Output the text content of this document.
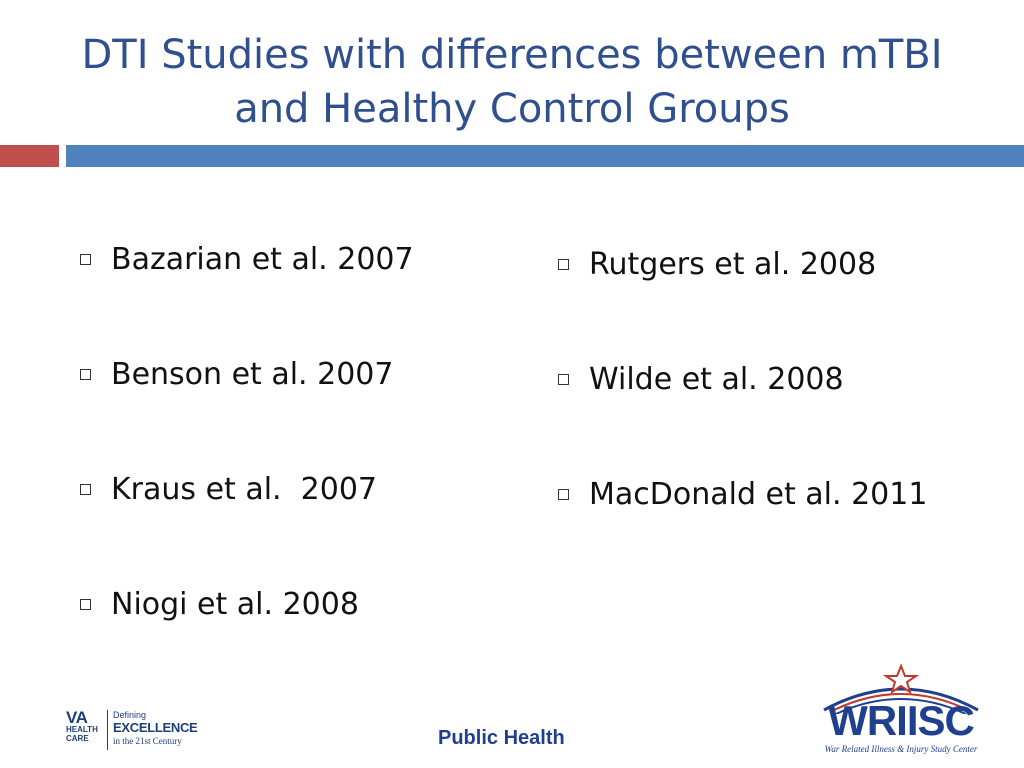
DTI Studies with differences between mTBI
and Healthy Control Groups
Bazarian et al. 2007
Benson et al. 2007
Kraus et al.  2007
Niogi et al. 2008
Rutgers et al. 2008
Wilde et al. 2008
MacDonald et al. 2011
VA
HEALTH
CARE
Defining
EXCELLENCE
in the 21st Century	Public Health	WRIISC
War Related Illness & Injury Study Center
